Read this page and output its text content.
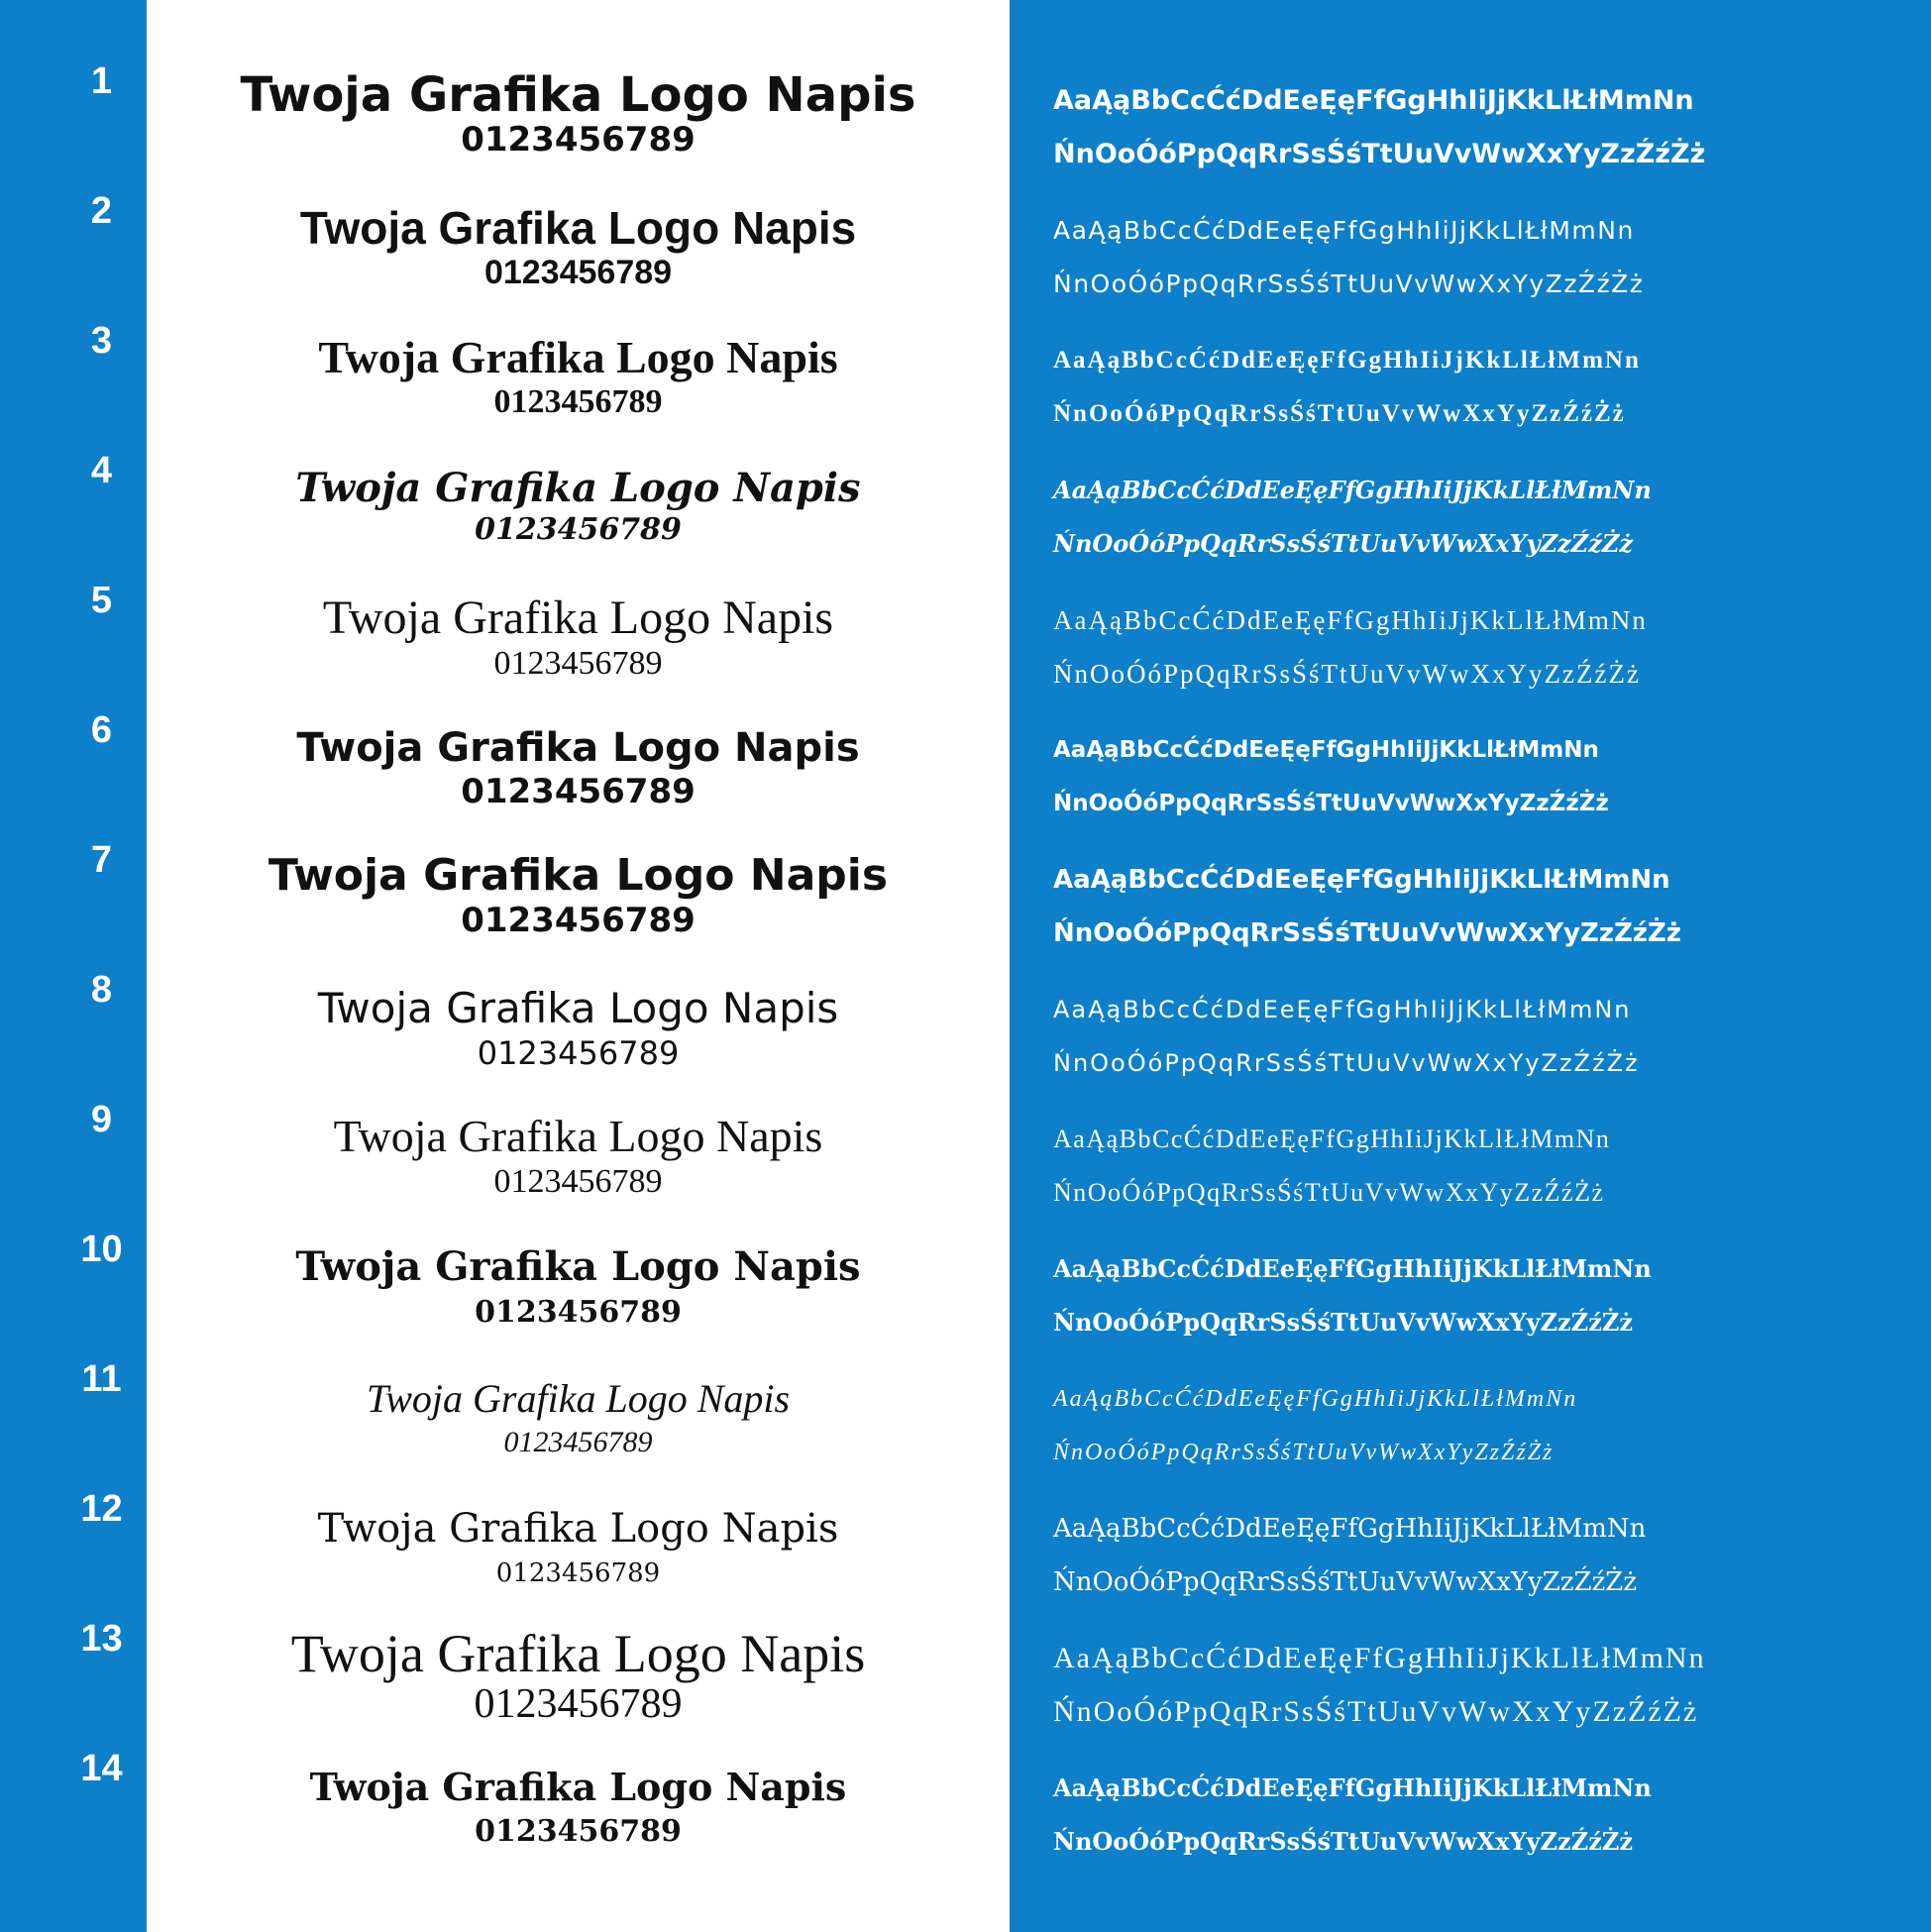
1
2
3
4
5
6
7
8
9
10
11
12
13
14
Twoja Grafika Logo Napis
0123456789
Twoja Grafika Logo Napis
0123456789
Twoja Grafika Logo Napis
0123456789
Twoja Grafika Logo Napis
0123456789
Twoja Grafika Logo Napis
0123456789
Twoja Grafika Logo Napis
0123456789
Twoja Grafika Logo Napis
0123456789
Twoja Grafika Logo Napis
0123456789
Twoja Grafika Logo Napis
0123456789
Twoja Grafika Logo Napis
0123456789
Twoja Grafika Logo Napis
0123456789
Twoja Grafika Logo Napis
0123456789
Twoja Grafika Logo Napis
0123456789
Twoja Grafika Logo Napis
0123456789
AaĄąBbCcĆćDdEeĘęFfGgHhIiJjKkLlŁłMmNn
ŃnOoÓóPpQqRrSsŚśTtUuVvWwXxYyZzŹźŻż
AaĄąBbCcĆćDdEeĘęFfGgHhIiJjKkLlŁłMmNn
ŃnOoÓóPpQqRrSsŚśTtUuVvWwXxYyZzŹźŻż
AaĄąBbCcĆćDdEeĘęFfGgHhIiJjKkLlŁłMmNn
ŃnOoÓóPpQqRrSsŚśTtUuVvWwXxYyZzŹźŻż
AaĄąBbCcĆćDdEeĘęFfGgHhIiJjKkLlŁłMmNn
ŃnOoÓóPpQqRrSsŚśTtUuVvWwXxYyZzŹźŻż
AaĄąBbCcĆćDdEeĘęFfGgHhIiJjKkLlŁłMmNn
ŃnOoÓóPpQqRrSsŚśTtUuVvWwXxYyZzŹźŻż
AaĄąBbCcĆćDdEeĘęFfGgHhIiJjKkLlŁłMmNn
ŃnOoÓóPpQqRrSsŚśTtUuVvWwXxYyZzŹźŻż
AaĄąBbCcĆćDdEeĘęFfGgHhIiJjKkLlŁłMmNn
ŃnOoÓóPpQqRrSsŚśTtUuVvWwXxYyZzŹźŻż
AaĄąBbCcĆćDdEeĘęFfGgHhIiJjKkLlŁłMmNn
ŃnOoÓóPpQqRrSsŚśTtUuVvWwXxYyZzŹźŻż
AaĄąBbCcĆćDdEeĘęFfGgHhIiJjKkLlŁłMmNn
ŃnOoÓóPpQqRrSsŚśTtUuVvWwXxYyZzŹźŻż
AaĄąBbCcĆćDdEeĘęFfGgHhIiJjKkLlŁłMmNn
ŃnOoÓóPpQqRrSsŚśTtUuVvWwXxYyZzŹźŻż
AaĄąBbCcĆćDdEeĘęFfGgHhIiJjKkLlŁłMmNn
ŃnOoÓóPpQqRrSsŚśTtUuVvWwXxYyZzŹźŻż
AaĄąBbCcĆćDdEeĘęFfGgHhIiJjKkLlŁłMmNn
ŃnOoÓóPpQqRrSsŚśTtUuVvWwXxYyZzŹźŻż
AaĄąBbCcĆćDdEeĘęFfGgHhIiJjKkLlŁłMmNn
ŃnOoÓóPpQqRrSsŚśTtUuVvWwXxYyZzŹźŻż
AaĄąBbCcĆćDdEeĘęFfGgHhIiJjKkLlŁłMmNn
ŃnOoÓóPpQqRrSsŚśTtUuVvWwXxYyZzŹźŻż
